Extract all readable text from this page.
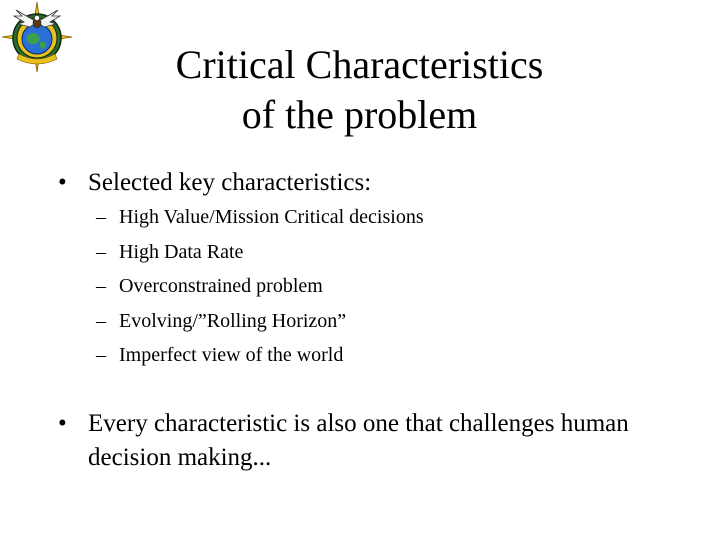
Critical Characteristics
of the problem
• Selected key characteristics:
– High Value/Mission Critical decisions
– High Data Rate
– Overconstrained problem
– Evolving/”Rolling Horizon”
– Imperfect view of the world
• Every characteristic is also one that challenges human decision making...
